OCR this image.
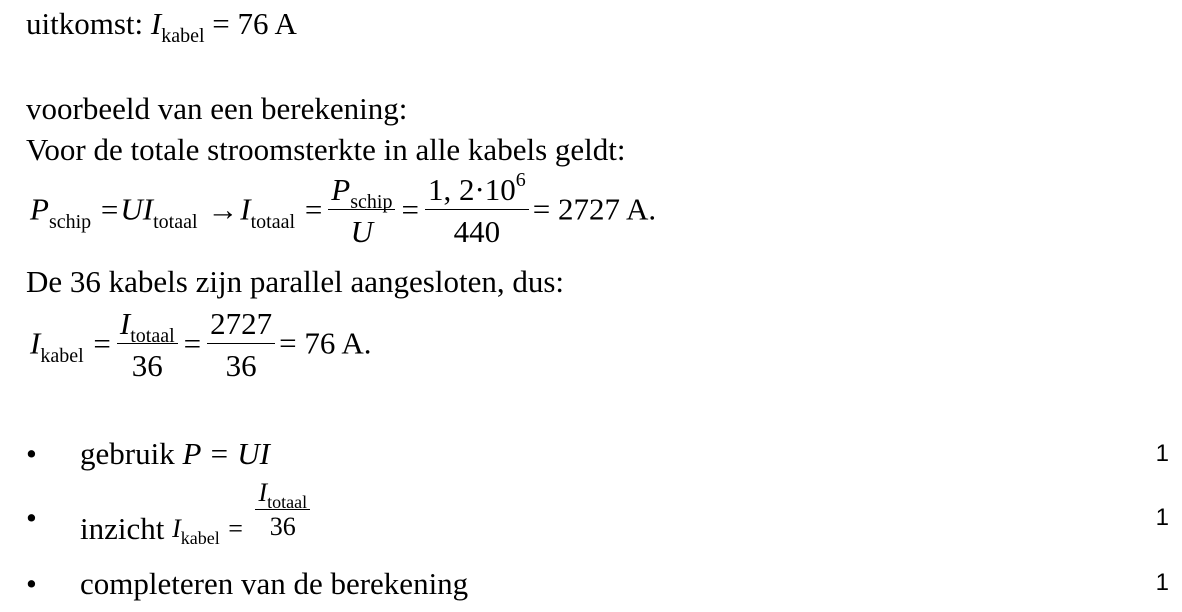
uitkomst: $I_{kabel} = 76$ A
voorbeeld van een berekening:
Voor de totale stroomsterkte in alle kabels geldt:
$P_{schip} =UI_{totaal} \to I_{totaal} = \frac{P_{schip}}{U} = \frac{1, 2\cdot 10^6}{440} = 2727$ A.
De 36 kabels zijn parallel aangesloten, dus:
$I_{kabel} = \frac{I_{totaal}}{36} = \frac{2727}{36} = 76$ A.
• gebruik P = UI	1
• inzicht $_{I_{kabel} =} \frac{I_{totaal}}{36}$	1
• completeren van de berekening	1
